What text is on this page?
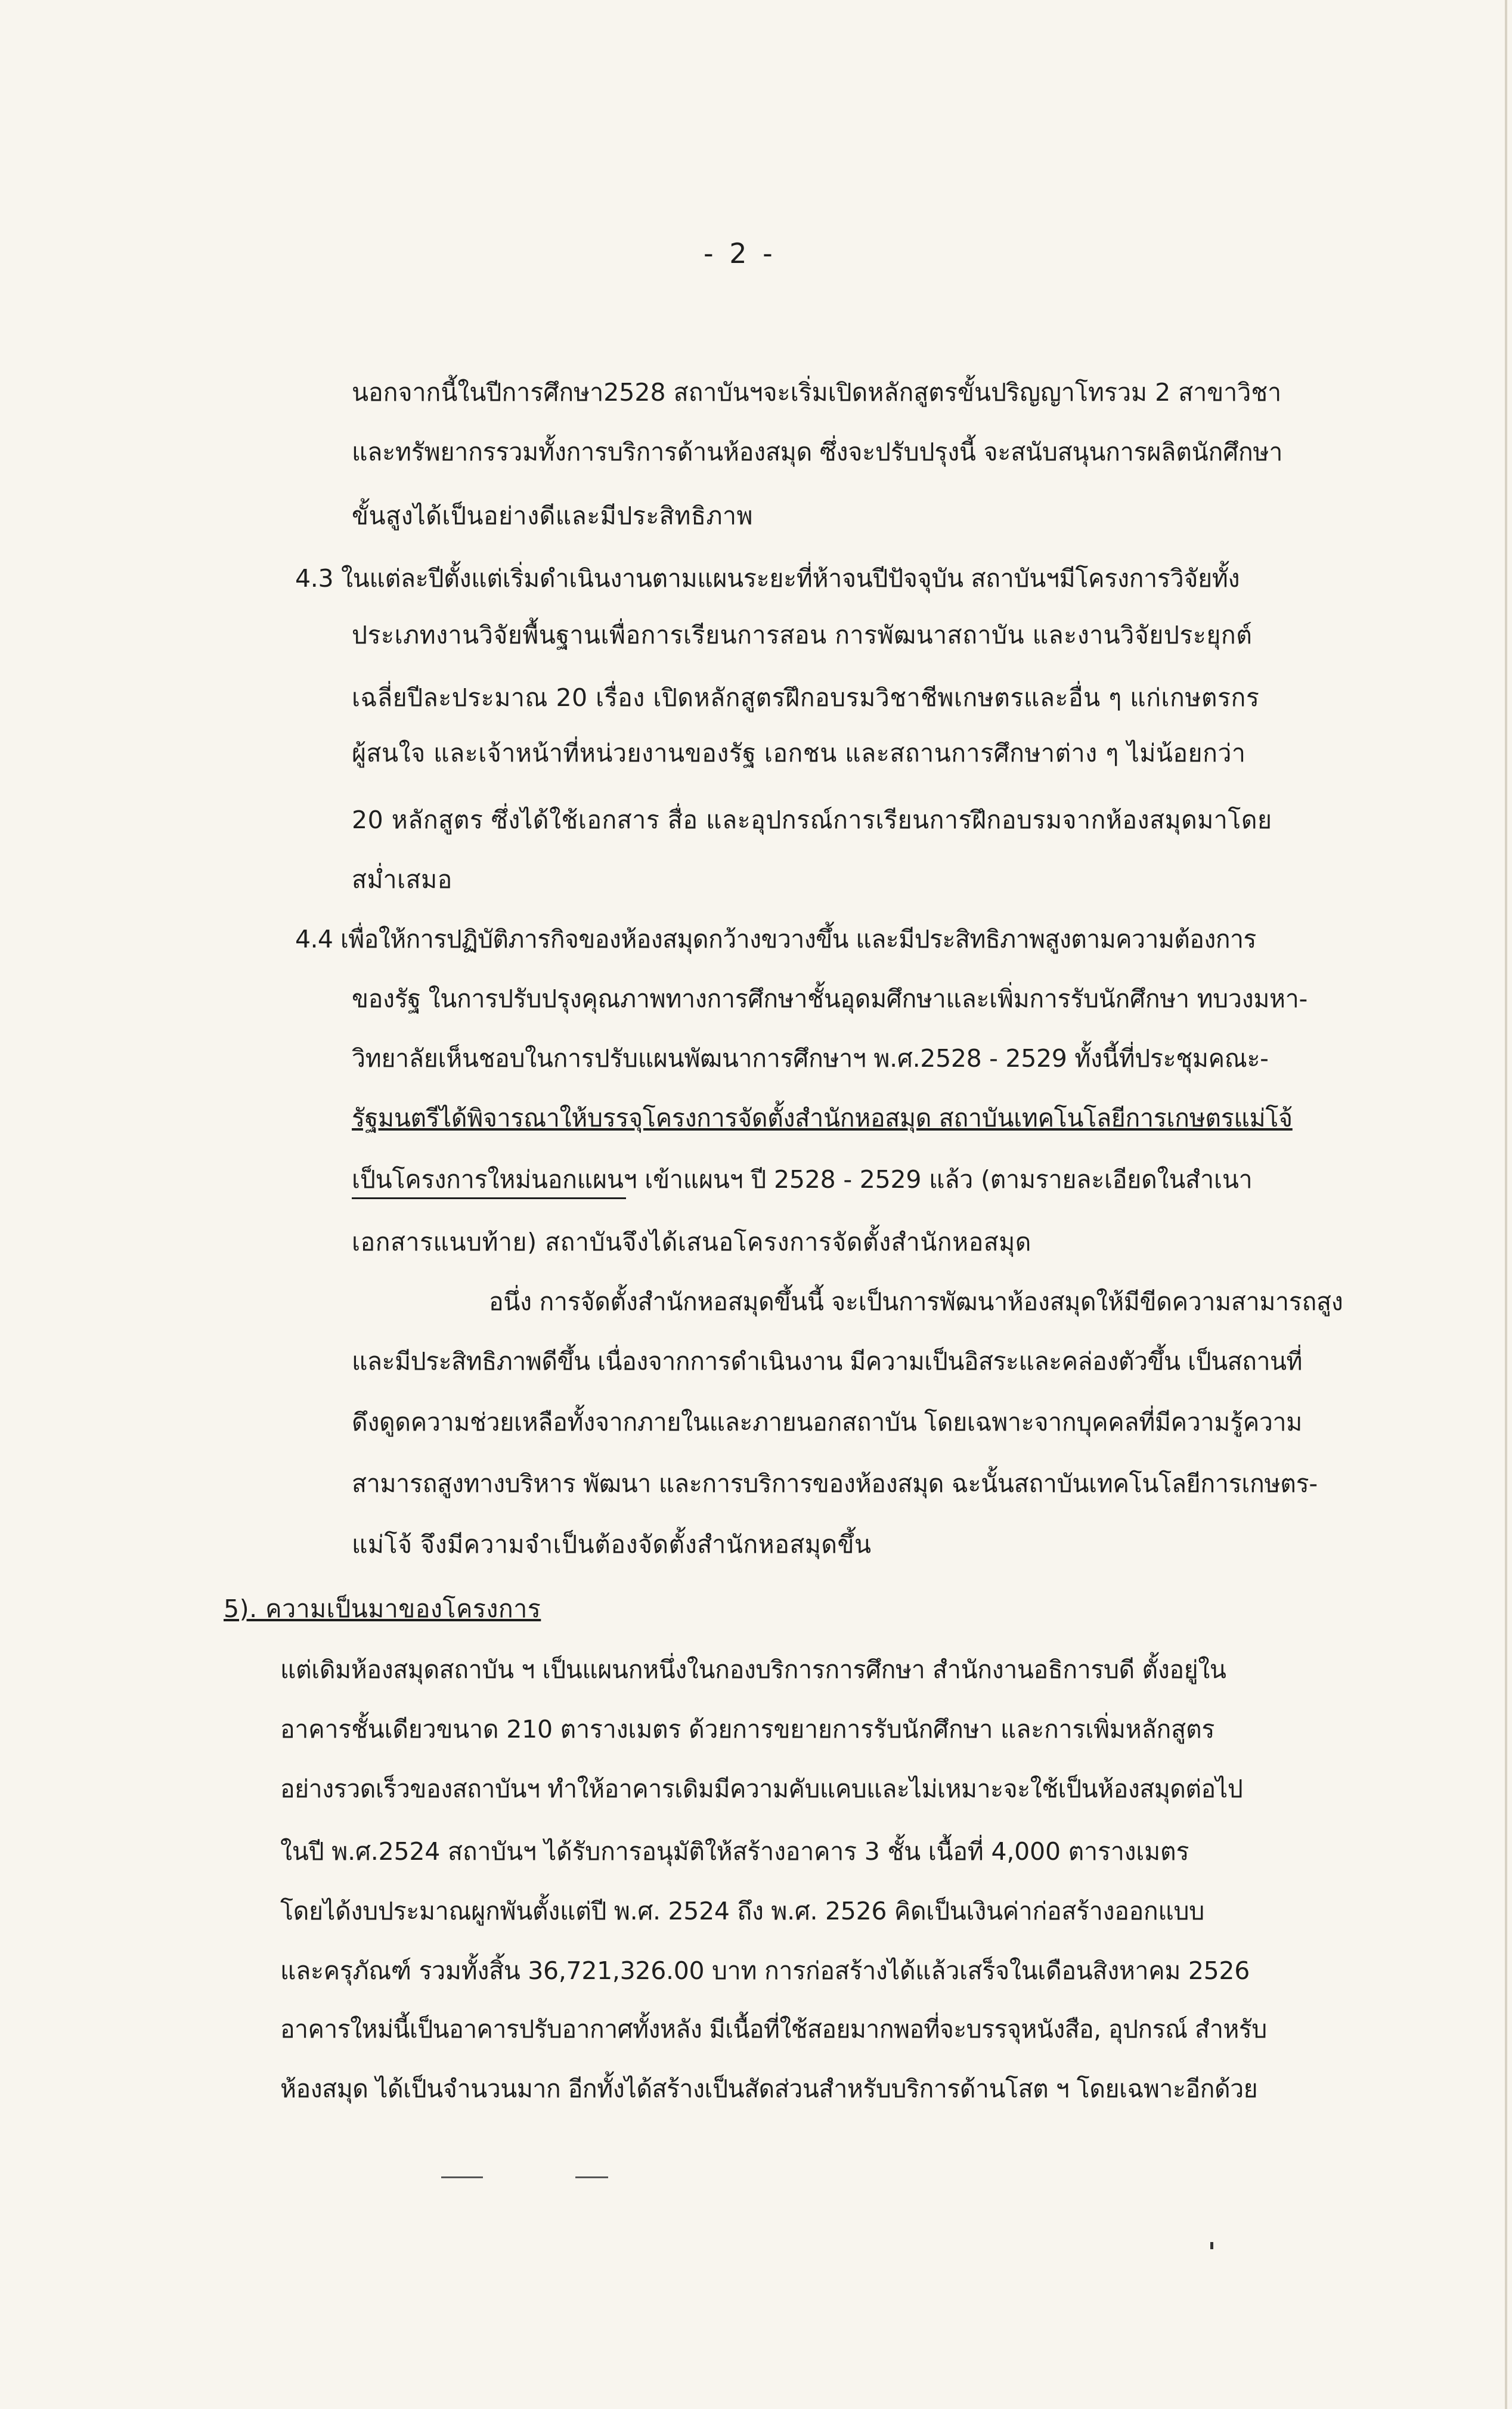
- 2 -
นอกจากนี้ในปีการศึกษา2528 สถาบันฯจะเริ่มเปิดหลักสูตรขั้นปริญญาโทรวม 2 สาขาวิชา
และทรัพยากรรวมทั้งการบริการด้านห้องสมุด ซึ่งจะปรับปรุงนี้ จะสนับสนุนการผลิตนักศึกษา
ขั้นสูงได้เป็นอย่างดีและมีประสิทธิภาพ
4.3 ในแต่ละปีตั้งแต่เริ่มดำเนินงานตามแผนระยะที่ห้าจนปีปัจจุบัน สถาบันฯมีโครงการวิจัยทั้ง
ประเภทงานวิจัยพื้นฐานเพื่อการเรียนการสอน การพัฒนาสถาบัน และงานวิจัยประยุกต์
เฉลี่ยปีละประมาณ 20 เรื่อง เปิดหลักสูตรฝึกอบรมวิชาชีพเกษตรและอื่น ๆ แก่เกษตรกร
ผู้สนใจ และเจ้าหน้าที่หน่วยงานของรัฐ เอกชน และสถานการศึกษาต่าง ๆ ไม่น้อยกว่า
20 หลักสูตร ซึ่งได้ใช้เอกสาร สื่อ และอุปกรณ์การเรียนการฝึกอบรมจากห้องสมุดมาโดย
สม่ำเสมอ
4.4 เพื่อให้การปฏิบัติภารกิจของห้องสมุดกว้างขวางขึ้น และมีประสิทธิภาพสูงตามความต้องการ
ของรัฐ ในการปรับปรุงคุณภาพทางการศึกษาชั้นอุดมศึกษาและเพิ่มการรับนักศึกษา ทบวงมหา-
วิทยาลัยเห็นชอบในการปรับแผนพัฒนาการศึกษาฯ พ.ศ.2528 - 2529 ทั้งนี้ที่ประชุมคณะ-
รัฐมนตรีได้พิจารณาให้บรรจุโครงการจัดตั้งสำนักหอสมุด สถาบันเทคโนโลยีการเกษตรแม่โจ้
เป็นโครงการใหม่นอกแผนฯ เข้าแผนฯ ปี 2528 - 2529 แล้ว (ตามรายละเอียดในสำเนา
เอกสารแนบท้าย) สถาบันจึงได้เสนอโครงการจัดตั้งสำนักหอสมุด
อนึ่ง การจัดตั้งสำนักหอสมุดขึ้นนี้ จะเป็นการพัฒนาห้องสมุดให้มีขีดความสามารถสูง
และมีประสิทธิภาพดีขึ้น เนื่องจากการดำเนินงาน มีความเป็นอิสระและคล่องตัวขึ้น เป็นสถานที่
ดึงดูดความช่วยเหลือทั้งจากภายในและภายนอกสถาบัน โดยเฉพาะจากบุคคลที่มีความรู้ความ
สามารถสูงทางบริหาร พัฒนา และการบริการของห้องสมุด ฉะนั้นสถาบันเทคโนโลยีการเกษตร-
แม่โจ้ จึงมีความจำเป็นต้องจัดตั้งสำนักหอสมุดขึ้น
5). ความเป็นมาของโครงการ
แต่เดิมห้องสมุดสถาบัน ฯ เป็นแผนกหนึ่งในกองบริการการศึกษา สำนักงานอธิการบดี ตั้งอยู่ใน
อาคารชั้นเดียวขนาด 210 ตารางเมตร ด้วยการขยายการรับนักศึกษา และการเพิ่มหลักสูตร
อย่างรวดเร็วของสถาบันฯ ทำให้อาคารเดิมมีความคับแคบและไม่เหมาะจะใช้เป็นห้องสมุดต่อไป
ในปี พ.ศ.2524 สถาบันฯ ได้รับการอนุมัติให้สร้างอาคาร 3 ชั้น เนื้อที่ 4,000 ตารางเมตร
โดยได้งบประมาณผูกพันตั้งแต่ปี พ.ศ. 2524 ถึง พ.ศ. 2526 คิดเป็นเงินค่าก่อสร้างออกแบบ
และครุภัณฑ์ รวมทั้งสิ้น 36,721,326.00 บาท การก่อสร้างได้แล้วเสร็จในเดือนสิงหาคม 2526
อาคารใหม่นี้เป็นอาคารปรับอากาศทั้งหลัง มีเนื้อที่ใช้สอยมากพอที่จะบรรจุหนังสือ, อุปกรณ์ สำหรับ
ห้องสมุด ได้เป็นจำนวนมาก อีกทั้งได้สร้างเป็นสัดส่วนสำหรับบริการด้านโสต ฯ โดยเฉพาะอีกด้วย
